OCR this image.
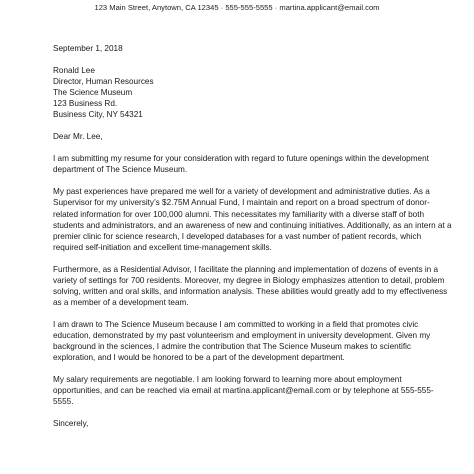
123 Main Street, Anytown, CA 12345 · 555-555-5555 · martina.applicant@email.com

September 1, 2018

Ronald Lee
Director, Human Resources
The Science Museum
123 Business Rd.
Business City, NY 54321

Dear Mr. Lee,

I am submitting my resume for your consideration with regard to future openings within the development department of The Science Museum.

My past experiences have prepared me well for a variety of development and administrative duties. As a Supervisor for my university’s $2.75M Annual Fund, I maintain and report on a broad spectrum of donor-related information for over 100,000 alumni. This necessitates my familiarity with a diverse staff of both students and administrators, and an awareness of new and continuing initiatives. Additionally, as an intern at a premier clinic for science research, I developed databases for a vast number of patient records, which required self-initiation and excellent time-management skills.

Furthermore, as a Residential Advisor, I facilitate the planning and implementation of dozens of events in a variety of settings for 700 residents. Moreover, my degree in Biology emphasizes attention to detail, problem solving, written and oral skills, and information analysis. These abilities would greatly add to my effectiveness as a member of a development team.

I am drawn to The Science Museum because I am committed to working in a field that promotes civic education, demonstrated by my past volunteerism and employment in university development. Given my background in the sciences, I admire the contribution that The Science Museum makes to scientific exploration, and I would be honored to be a part of the development department.

My salary requirements are negotiable. I am looking forward to learning more about employment opportunities, and can be reached via email at martina.applicant@email.com or by telephone at 555-555-5555.

Sincerely,
